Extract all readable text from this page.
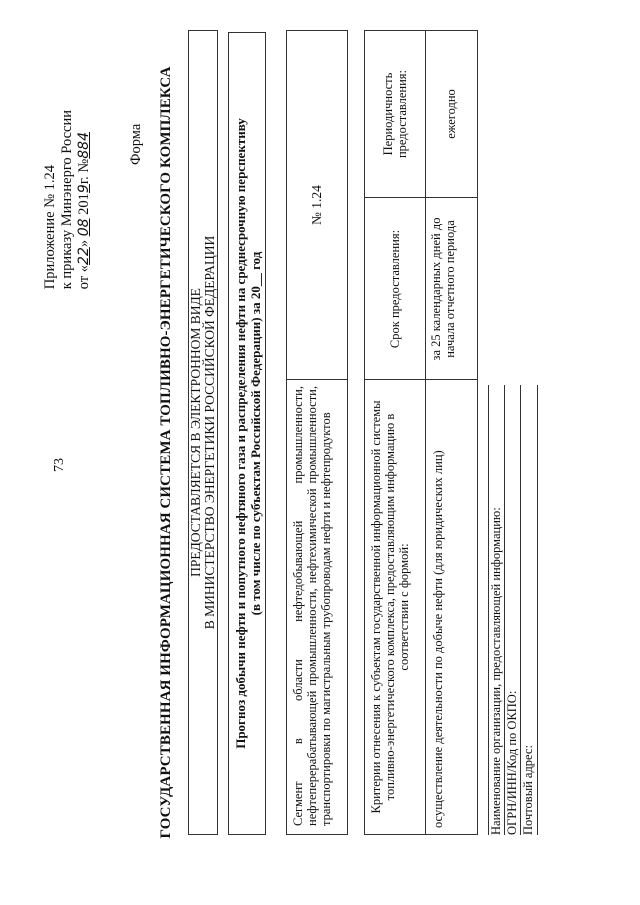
73
Приложение № 1.24 к приказу Минэнерго России от «22» 08 2019г. №884 Форма ГОСУДАРСТВЕННАЯ ИНФОРМАЦИОННАЯ СИСТЕМА ТОПЛИВНО-ЭНЕРГЕТИЧЕСКОГО КОМПЛЕКСА ПРЕДОСТАВЛЯЕТСЯ В ЭЛЕКТРОННОМ ВИДЕ В МИНИСТЕРСТВО ЭНЕРГЕТИКИ РОССИЙСКОЙ ФЕДЕРАЦИИ Прогноз добычи нефти и попутного нефтяного газа и распределения нефти на среднесрочную перспективу (в том числе по субъектам Российской Федерации) за 20__ год Сегмент в области нефтедобывающей промышленности, нефтеперерабатывающей промышленности, нефтехимической промышленности, транспортировки по магистральным трубопроводам нефти и нефтепродуктов
№ 1.24
Критерии отнесения к субъектам государственной информационной системы топливно-энергетического комплекса, предоставляющим информацию в соответствии с формой:
Срок предоставления:
Периодичность предоставления:
осуществление деятельности по добыче нефти (для юридических лиц)
за 25 календарных дней до начала отчетного периода
ежегодно
Наименование организации, предоставляющей информацию: ОГРН/ИНН/Код по ОКПО: Почтовый адрес:
